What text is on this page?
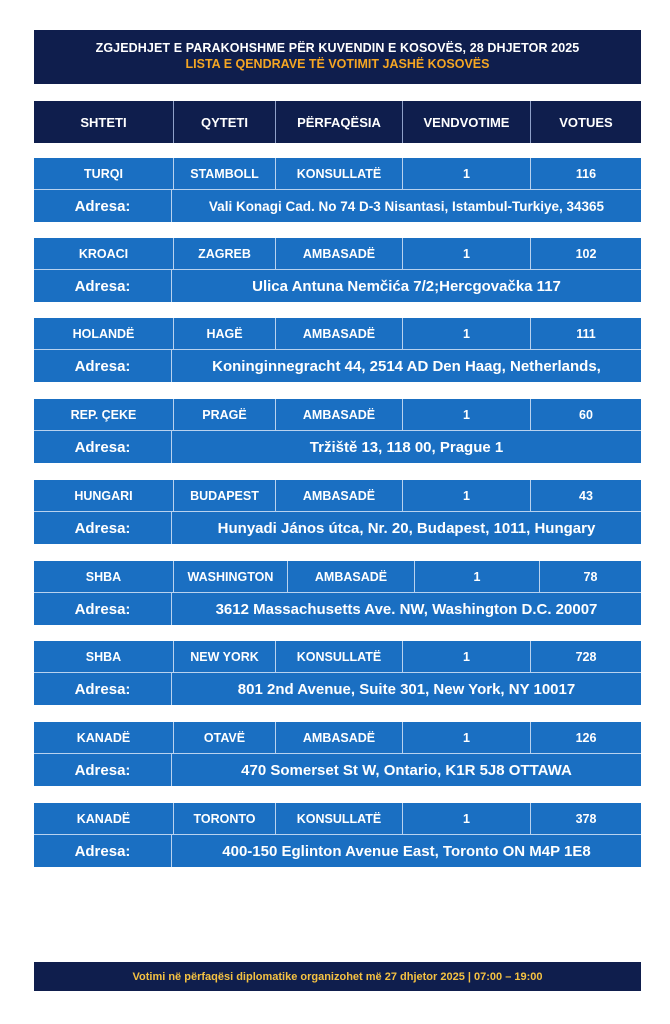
ZGJEDHJET E PARAKOHSHME PËR KUVENDIN E KOSOVËS, 28 DHJETOR 2025
LISTA E QENDRAVE TË VOTIMIT JASHË KOSOVËS
SHTETI	QYTETI	PËRFAQËSIA	VENDVOTIME	VOTUES
TURQI	STAMBOLL	KONSULLATË	1	116
Adresa:	Vali Konagi Cad. No 74 D-3 Nisantasi, Istambul-Turkiye, 34365
KROACI	ZAGREB	AMBASADË	1	102
Adresa:	Ulica Antuna Nemčića 7/2;Hercgovačka 117
HOLANDË	HAGË	AMBASADË	1	111
Adresa:	Koninginnegracht 44, 2514 AD Den Haag, Netherlands,
REP. ÇEKE	PRAGË	AMBASADË	1	60
Adresa:	Tržiště 13, 118 00, Prague 1
HUNGARI	BUDAPEST	AMBASADË	1	43
Adresa:	Hunyadi János útca, Nr. 20, Budapest, 1011, Hungary
SHBA	WASHINGTON	AMBASADË	1	78
Adresa:	3612 Massachusetts Ave. NW, Washington D.C. 20007
SHBA	NEW YORK	KONSULLATË	1	728
Adresa:	801 2nd Avenue, Suite 301, New York, NY 10017
KANADË	OTAVË	AMBASADË	1	126
Adresa:	470 Somerset St W, Ontario, K1R 5J8 OTTAWA
KANADË	TORONTO	KONSULLATË	1	378
Adresa:	400-150 Eglinton Avenue East, Toronto ON M4P 1E8
Votimi në përfaqësi diplomatike organizohet më 27 dhjetor 2025 | 07:00 – 19:00
